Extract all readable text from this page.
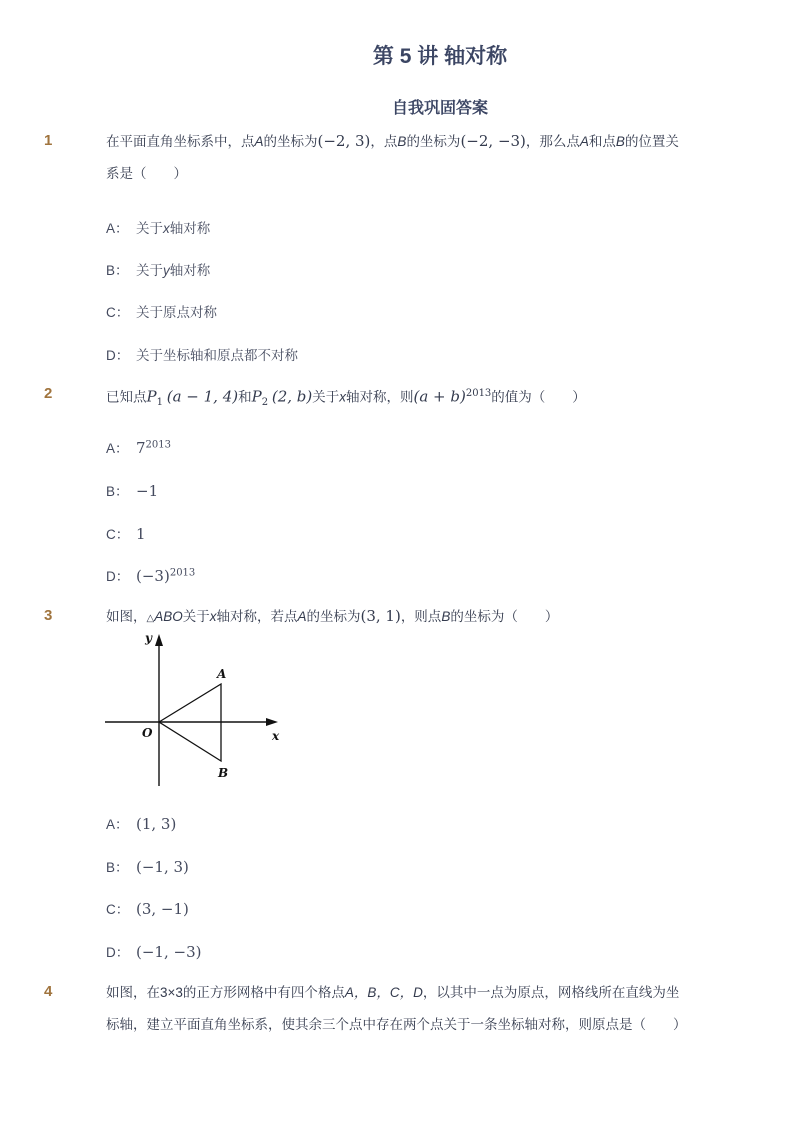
第 5 讲 轴对称
自我巩固答案
1	在平面直角坐标系中，点A的坐标为(−2, 3)，点B的坐标为(−2, −3)，那么点A和点B的位置关
系是（　　）
A： 关于x轴对称
B： 关于y轴对称
C： 关于原点对称
D： 关于坐标轴和原点都不对称
2	已知点$P_1$ (a − 1, 4)和$P_2$ (2, b)关于x轴对称，则$(a + b)^{2013}$的值为（　　）
A： $7^{2013}$
B： −1
C： 1
D： $(-3)^{2013}$
3	如图，△ABO关于x轴对称，若点A的坐标为(3, 1)，则点B的坐标为（　　）
y
x
O
A
B
A： (1, 3)
B： (−1, 3)
C： (3, −1)
D： (−1, −3)
4	如图，在3×3的正方形网格中有四个格点A，B，C，D，以其中一点为原点，网格线所在直线为坐
标轴，建立平面直角坐标系，使其余三个点中存在两个点关于一条坐标轴对称，则原点是（　　）
